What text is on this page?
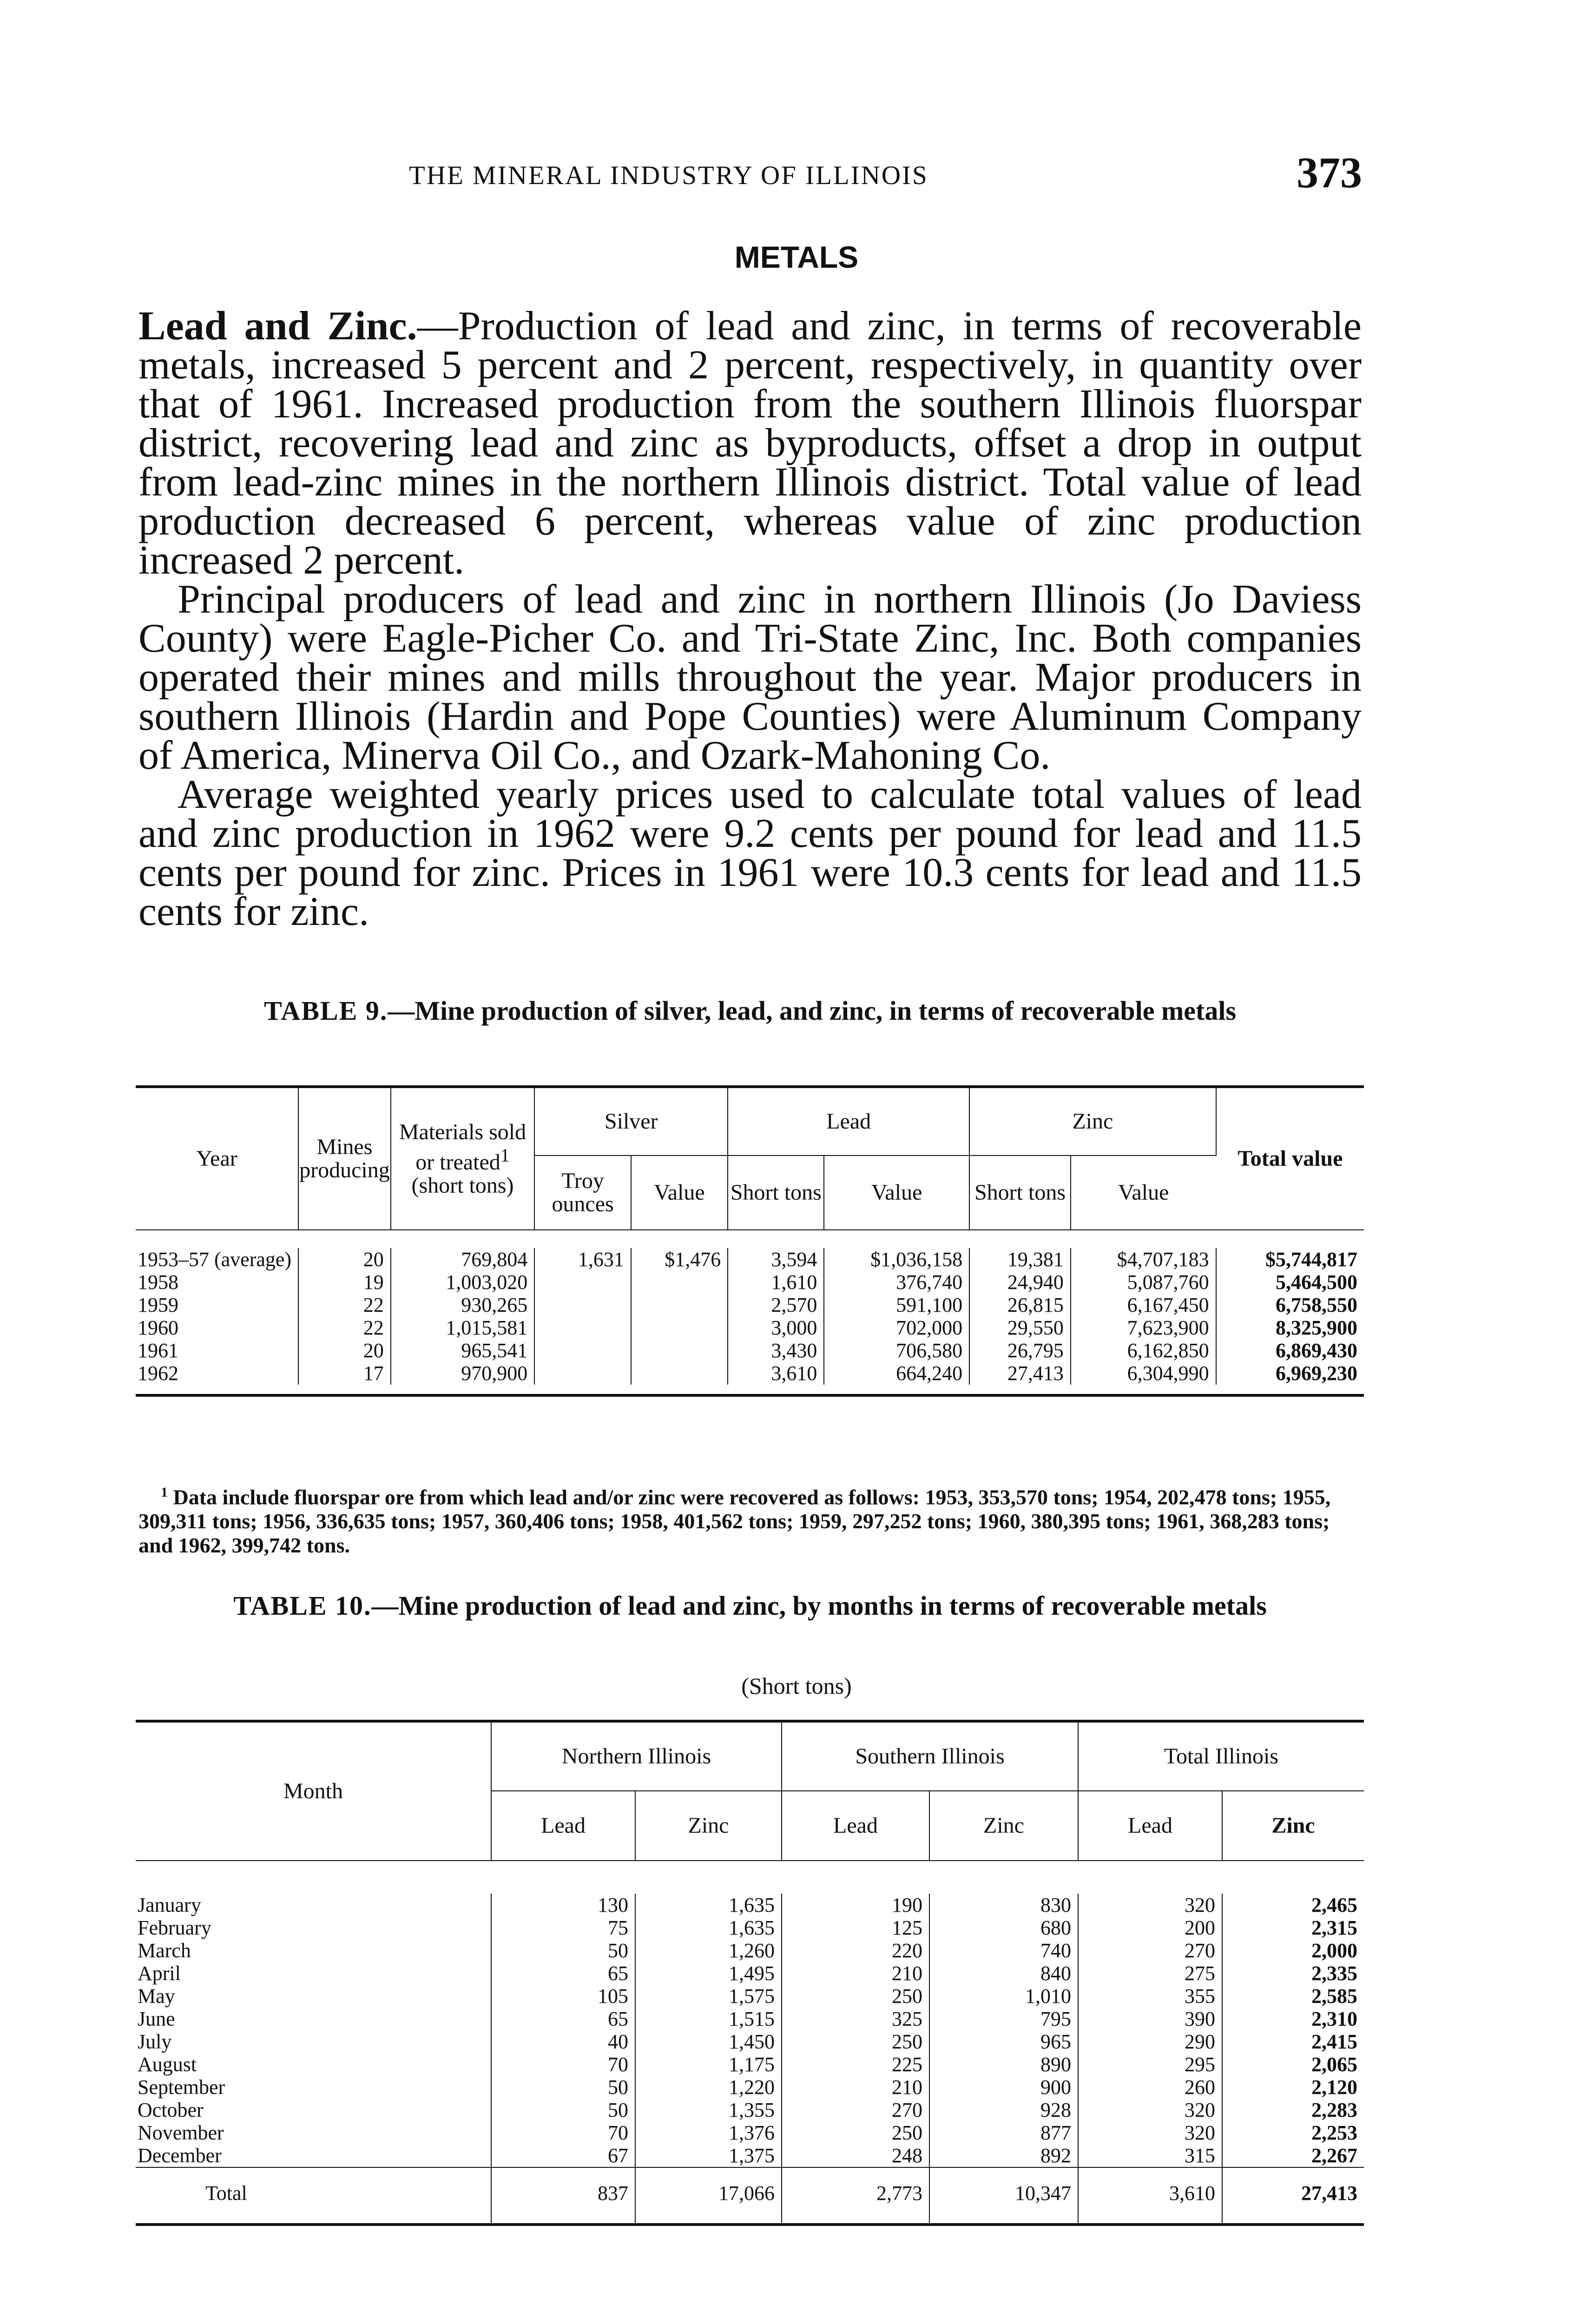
THE MINERAL INDUSTRY OF ILLINOIS	373
METALS

Lead and Zinc.—Production of lead and zinc, in terms of recoverable metals, increased 5 percent and 2 percent, respectively, in quantity over that of 1961. Increased production from the southern Illinois fluorspar district, recovering lead and zinc as byproducts, offset a drop in output from lead-zinc mines in the northern Illinois district. Total value of lead production decreased 6 percent, whereas value of zinc production increased 2 percent.

Principal producers of lead and zinc in northern Illinois (Jo Daviess County) were Eagle-Picher Co. and Tri-State Zinc, Inc. Both companies operated their mines and mills throughout the year. Major producers in southern Illinois (Hardin and Pope Counties) were Aluminum Company of America, Minerva Oil Co., and Ozark-Mahoning Co.

Average weighted yearly prices used to calculate total values of lead and zinc production in 1962 were 9.2 cents per pound for lead and 11.5 cents per pound for zinc. Prices in 1961 were 10.3 cents for lead and 11.5 cents for zinc.

TABLE 9.—Mine production of silver, lead, and zinc, in terms of recoverable metals
Year	Mines producing	Materials sold or treated$^1$
(short tons)	Silver		Lead		Zinc		Total value
			Troy ounces	Value	Short tons	Value	Short tons	Value	

1953–57 (average)	20	769,804	1,631	$1,476	3,594	$1,036,158	19,381	$4,707,183	$5,744,817
1958	19	1,003,020			1,610	376,740	24,940	5,087,760	5,464,500
1959	22	930,265			2,570	591,100	26,815	6,167,450	6,758,550
1960	22	1,015,581			3,000	702,000	29,550	7,623,900	8,325,900
1961	20	965,541			3,430	706,580	26,795	6,162,850	6,869,430
1962	17	970,900			3,610	664,240	27,413	6,304,990	6,969,230

$^1$ Data include fluorspar ore from which lead and/or zinc were recovered as follows: 1953, 353,570 tons; 1954, 202,478 tons; 1955, 309,311 tons; 1956, 336,635 tons; 1957, 360,406 tons; 1958, 401,562 tons; 1959, 297,252 tons; 1960, 380,395 tons; 1961, 368,283 tons; and 1962, 399,742 tons.
TABLE 10.—Mine production of lead and zinc, by months in terms of recoverable metals
(Short tons)
Month	Northern Illinois		Southern Illinois		Total Illinois	
	Lead	Zinc	Lead	Zinc	Lead	Zinc

January	130	1,635	190	830	320	2,465
February	75	1,635	125	680	200	2,315
March	50	1,260	220	740	270	2,000
April	65	1,495	210	840	275	2,335
May	105	1,575	250	1,010	355	2,585
June	65	1,515	325	795	390	2,310
July	40	1,450	250	965	290	2,415
August	70	1,175	225	890	295	2,065
September	50	1,220	210	900	260	2,120
October	50	1,355	270	928	320	2,283
November	70	1,376	250	877	320	2,253
December	67	1,375	248	892	315	2,267
Total	837	17,066	2,773	10,347	3,610	27,413
